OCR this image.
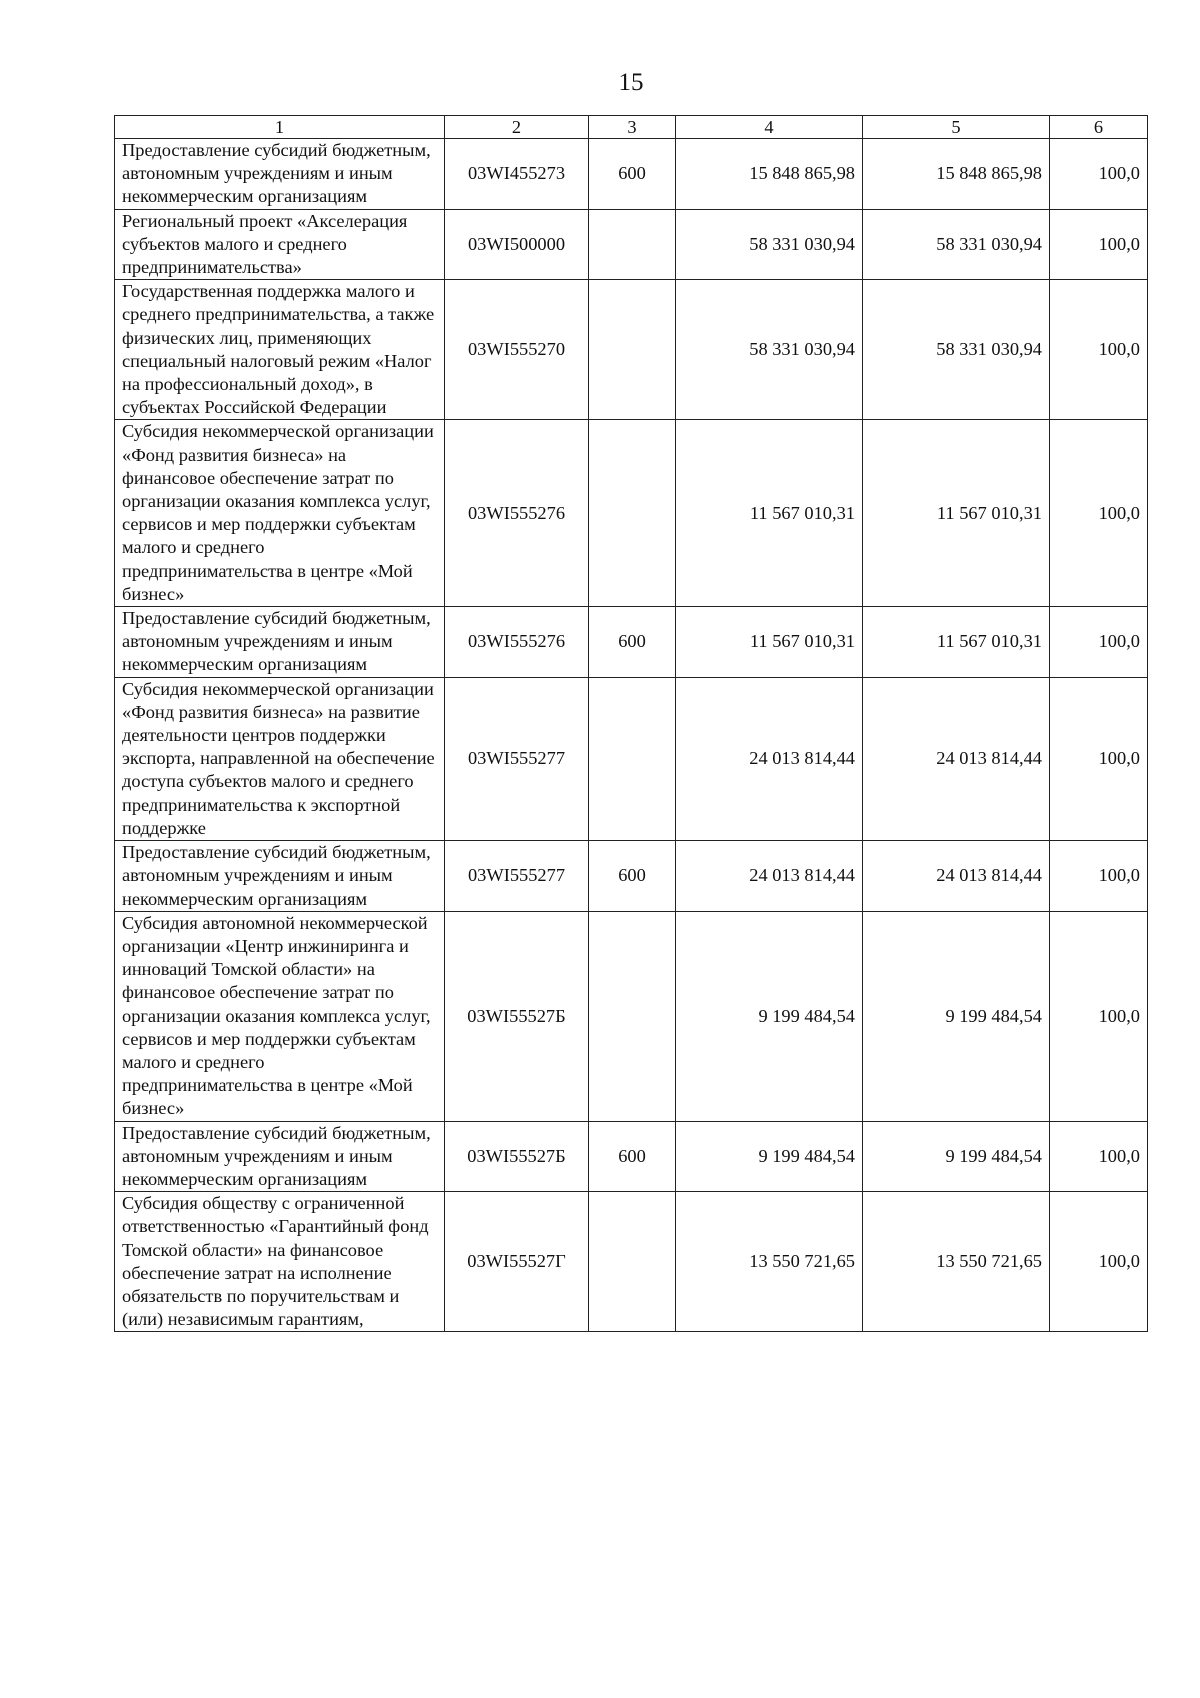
15
1	2	3	4	5	6
Предоставление субсидий бюджетным, автономным учреждениям и иным некоммерческим организациям	03WI455273	600	15 848 865,98	15 848 865,98	100,0
Региональный проект «Акселерация субъектов малого и среднего предпринимательства»	03WI500000		58 331 030,94	58 331 030,94	100,0
Государственная поддержка малого и среднего предпринимательства, а также физических лиц, применяющих специальный налоговый режим «Налог на профессиональный доход», в субъектах Российской Федерации	03WI555270		58 331 030,94	58 331 030,94	100,0
Субсидия некоммерческой организации «Фонд развития бизнеса» на финансовое обеспечение затрат по организации оказания комплекса услуг, сервисов и мер поддержки субъектам малого и среднего предпринимательства в центре «Мой бизнес»	03WI555276		11 567 010,31	11 567 010,31	100,0
Предоставление субсидий бюджетным, автономным учреждениям и иным некоммерческим организациям	03WI555276	600	11 567 010,31	11 567 010,31	100,0
Субсидия некоммерческой организации «Фонд развития бизнеса» на развитие деятельности центров поддержки экспорта, направленной на обеспечение доступа субъектов малого и среднего предпринимательства к экспортной поддержке	03WI555277		24 013 814,44	24 013 814,44	100,0
Предоставление субсидий бюджетным, автономным учреждениям и иным некоммерческим организациям	03WI555277	600	24 013 814,44	24 013 814,44	100,0
Субсидия автономной некоммерческой организации «Центр инжиниринга и инноваций Томской области» на финансовое обеспечение затрат по организации оказания комплекса услуг, сервисов и мер поддержки субъектам малого и среднего предпринимательства в центре «Мой бизнес»	03WI55527Б		9 199 484,54	9 199 484,54	100,0
Предоставление субсидий бюджетным, автономным учреждениям и иным некоммерческим организациям	03WI55527Б	600	9 199 484,54	9 199 484,54	100,0
Субсидия обществу с ограниченной ответственностью «Гарантийный фонд Томской области» на финансовое обеспечение затрат на исполнение обязательств по поручительствам и (или) независимым гарантиям,	03WI55527Г		13 550 721,65	13 550 721,65	100,0
